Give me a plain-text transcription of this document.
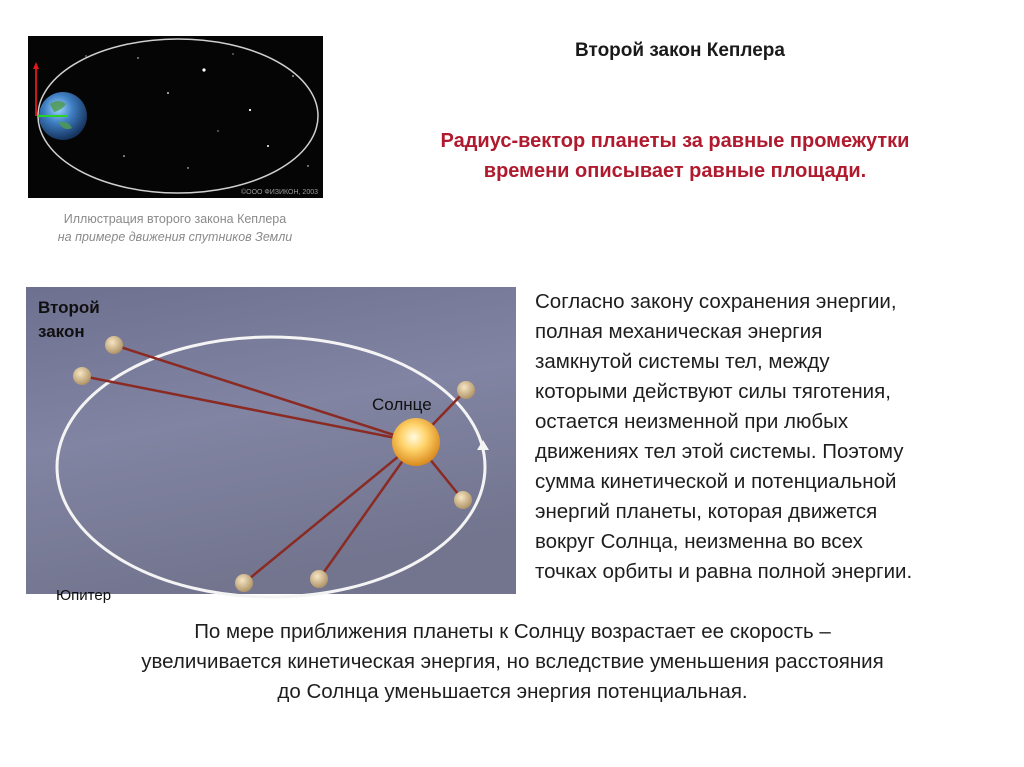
©ООО ФИЗИКОН, 2003
Иллюстрация второго закона Кеплера
на примере движения спутников Земли
Второй закон Кеплера
Радиус-вектор планеты за равные промежутки
времени описывает равные площади.
Второй
закон
Солнце
Юпитер
Согласно закону сохранения энергии,
полная механическая энергия
замкнутой системы тел, между
которыми действуют силы тяготения,
остается неизменной при любых
движениях тел этой системы. Поэтому
сумма кинетической и потенциальной
энергий планеты, которая движется
вокруг Солнца, неизменна во всех
точках орбиты и равна полной энергии.
По мере приближения планеты к Солнцу возрастает ее скорость –
увеличивается кинетическая энергия, но вследствие уменьшения расстояния
до Солнца уменьшается энергия потенциальная.
